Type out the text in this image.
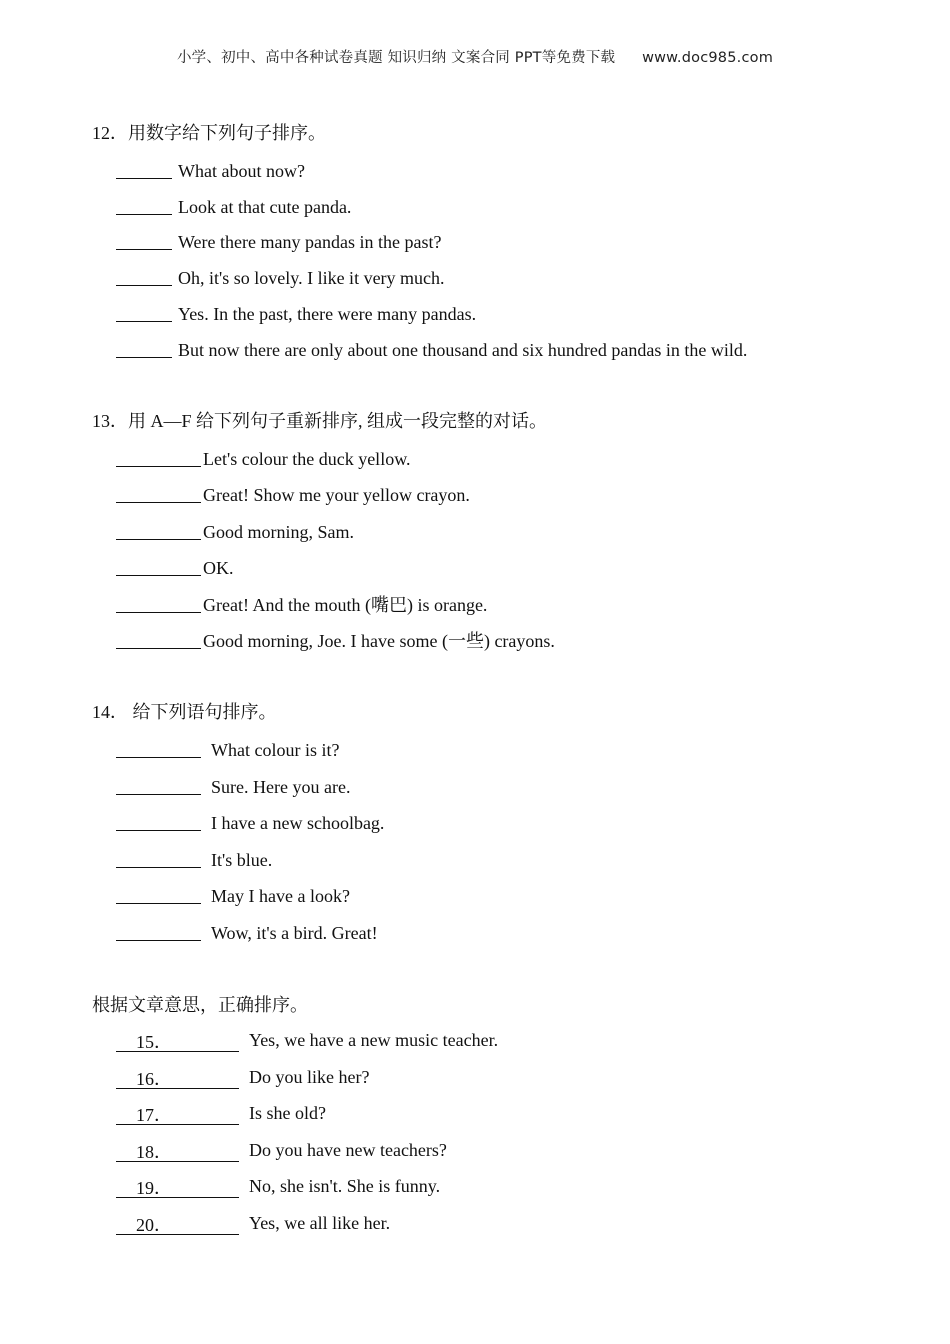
小学、初中、高中各种试卷真题 知识归纳 文案合同 PPT等免费下载 www.doc985.com
12．用数字给下列句子排序。
What about now?
Look at that cute panda.
Were there many pandas in the past?
Oh, it's so lovely. I like it very much.
Yes. In the past, there were many pandas.
But now there are only about one thousand and six hundred pandas in the wild.
13．用 A—F 给下列句子重新排序, 组成一段完整的对话。
Let's colour the duck yellow.
Great! Show me your yellow crayon.
Good morning, Sam.
OK.
Great! And the mouth (嘴巴) is orange.
Good morning, Joe. I have some (一些) crayons.
14． 给下列语句排序。
What colour is it?
Sure. Here you are.
I have a new schoolbag.
It's blue.
May I have a look?
Wow, it's a bird. Great!
根据文章意思，正确排序。
15．	Yes, we have a new music teacher.
16．	Do you like her?
17．	Is she old?
18．	Do you have new teachers?
19．	No, she isn't. She is funny.
20．	Yes, we all like her.
